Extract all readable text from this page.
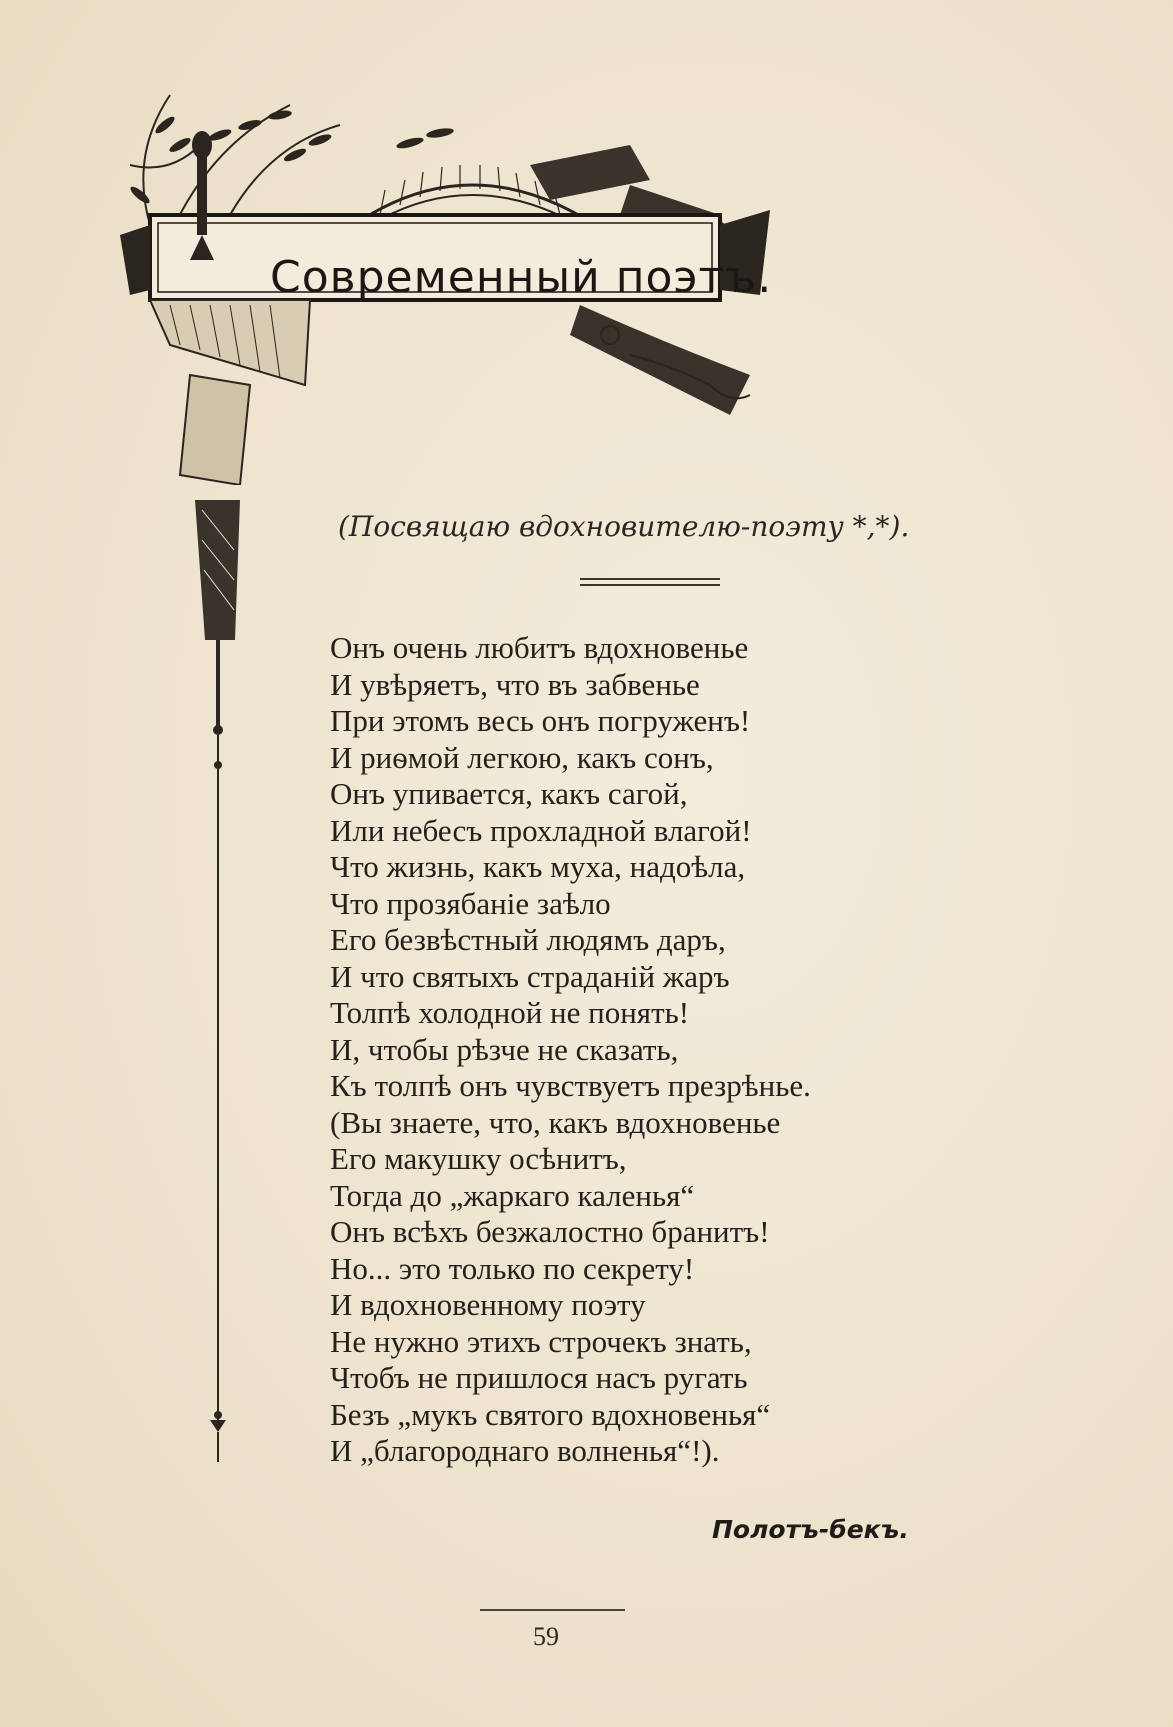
Современный поэтъ.
(Посвящаю вдохновителю-поэту *,*).
Онъ очень любитъ вдохновенье
И увѣряетъ, что въ забвенье
При этомъ весь онъ погруженъ!
И риѳмой легкою, какъ сонъ,
Онъ упивается, какъ сагой,
Или небесъ прохладной влагой!
Что жизнь, какъ муха, надоѣла,
Что прозябаніе заѣло
Его безвѣстный людямъ даръ,
И что святыхъ страданій жаръ
Толпѣ холодной не понять!
И, чтобы рѣзче не сказать,
Къ толпѣ онъ чувствуетъ презрѣнье.
(Вы знаете, что, какъ вдохновенье
Его макушку осѣнитъ,
Тогда до „жаркаго каленья“
Онъ всѣхъ безжалостно бранитъ!
Но... это только по секрету!
И вдохновенному поэту
Не нужно этихъ строчекъ знать,
Чтобъ не пришлося насъ ругать
Безъ „мукъ святого вдохновенья“
И „благороднаго волненья“!).
Полотъ-бекъ.
59
